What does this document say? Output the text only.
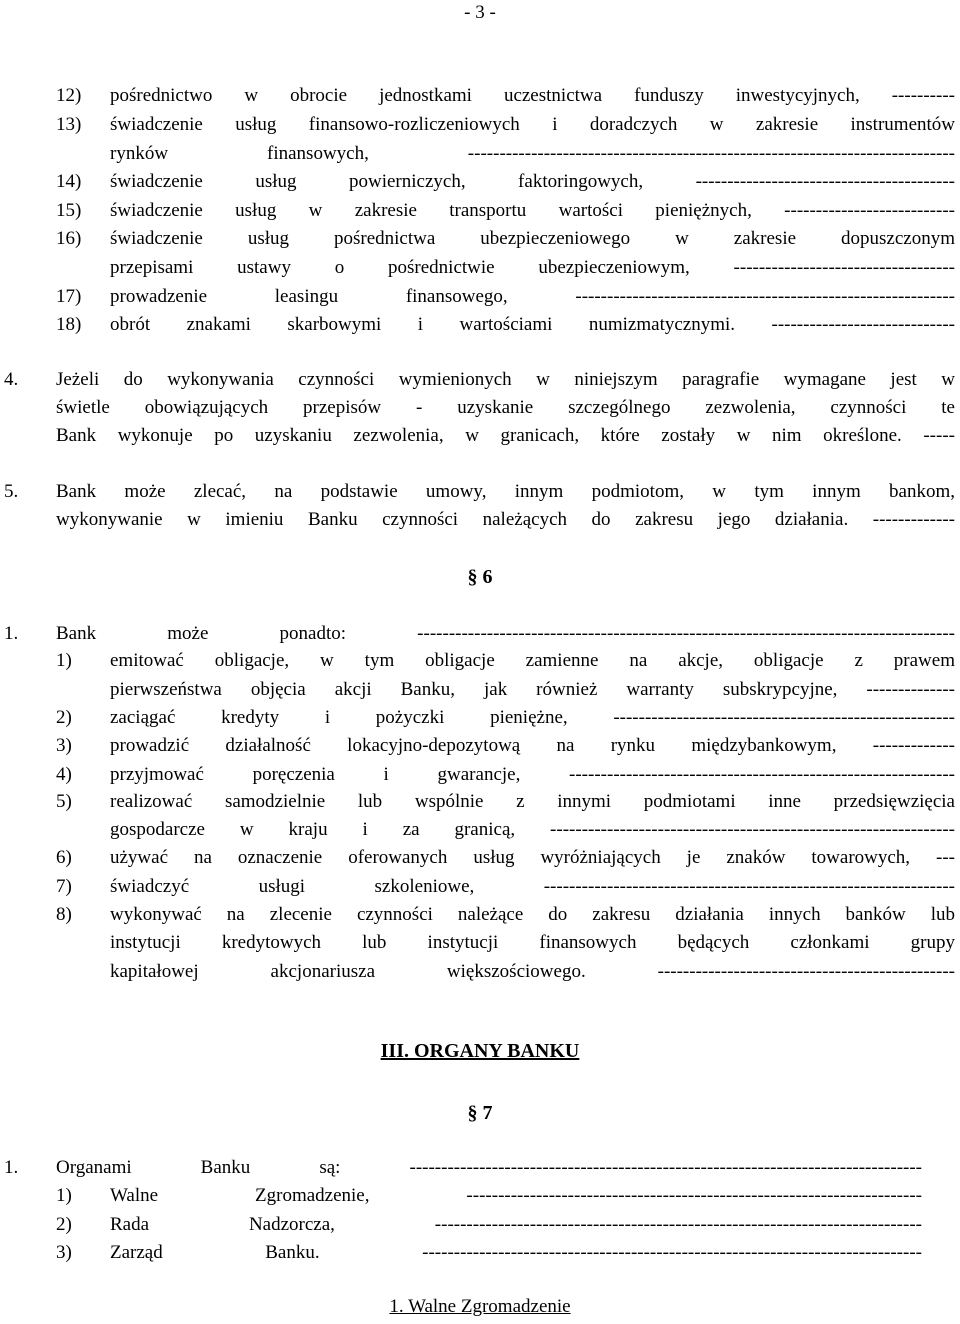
- 3 -
12) pośrednictwo w obrocie jednostkami uczestnictwa funduszy inwestycyjnych, ----------
13) świadczenie usług finansowo-rozliczeniowych i doradczych w zakresie instrumentów
rynków finansowych, -----------------------------------------------------------------------------
14) świadczenie usług powierniczych, faktoringowych, -----------------------------------------
15) świadczenie usług w zakresie transportu wartości pieniężnych, ---------------------------
16) świadczenie usług pośrednictwa ubezpieczeniowego w zakresie dopuszczonym
przepisami ustawy o pośrednictwie ubezpieczeniowym, -----------------------------------
17) prowadzenie leasingu finansowego, ------------------------------------------------------------
18) obrót znakami skarbowymi i wartościami numizmatycznymi. -----------------------------
4. Jeżeli do wykonywania czynności wymienionych w niniejszym paragrafie wymagane jest w
świetle obowiązujących przepisów - uzyskanie szczególnego zezwolenia, czynności te
Bank wykonuje po uzyskaniu zezwolenia, w granicach, które zostały w nim określone. -----
5. Bank może zlecać, na podstawie umowy, innym podmiotom, w tym innym bankom,
wykonywanie w imieniu Banku czynności należących do zakresu jego działania. -------------
§ 6
1. Bank może ponadto: -------------------------------------------------------------------------------------
1) emitować obligacje, w tym obligacje zamienne na akcje, obligacje z prawem
pierwszeństwa objęcia akcji Banku, jak również warranty subskrypcyjne, --------------
2) zaciągać kredyty i pożyczki pieniężne, ------------------------------------------------------
3) prowadzić działalność lokacyjno-depozytową na rynku międzybankowym, -------------
4) przyjmować poręczenia i gwarancje, -------------------------------------------------------------
5) realizować samodzielnie lub wspólnie z innymi podmiotami inne przedsięwzięcia
gospodarcze w kraju i za granicą, ----------------------------------------------------------------
6) używać na oznaczenie oferowanych usług wyróżniających je znaków towarowych, ---
7) świadczyć usługi szkoleniowe, -----------------------------------------------------------------
8) wykonywać na zlecenie czynności należące do zakresu działania innych banków lub
instytucji kredytowych lub instytucji finansowych będących członkami grupy
kapitałowej akcjonariusza większościowego. -----------------------------------------------
III. ORGANY BANKU
§ 7
1. Organami Banku są: ---------------------------------------------------------------------------------
1) Walne Zgromadzenie, ------------------------------------------------------------------------
2) Rada Nadzorcza, -----------------------------------------------------------------------------
3) Zarząd Banku. -------------------------------------------------------------------------------
1. Walne Zgromadzenie
